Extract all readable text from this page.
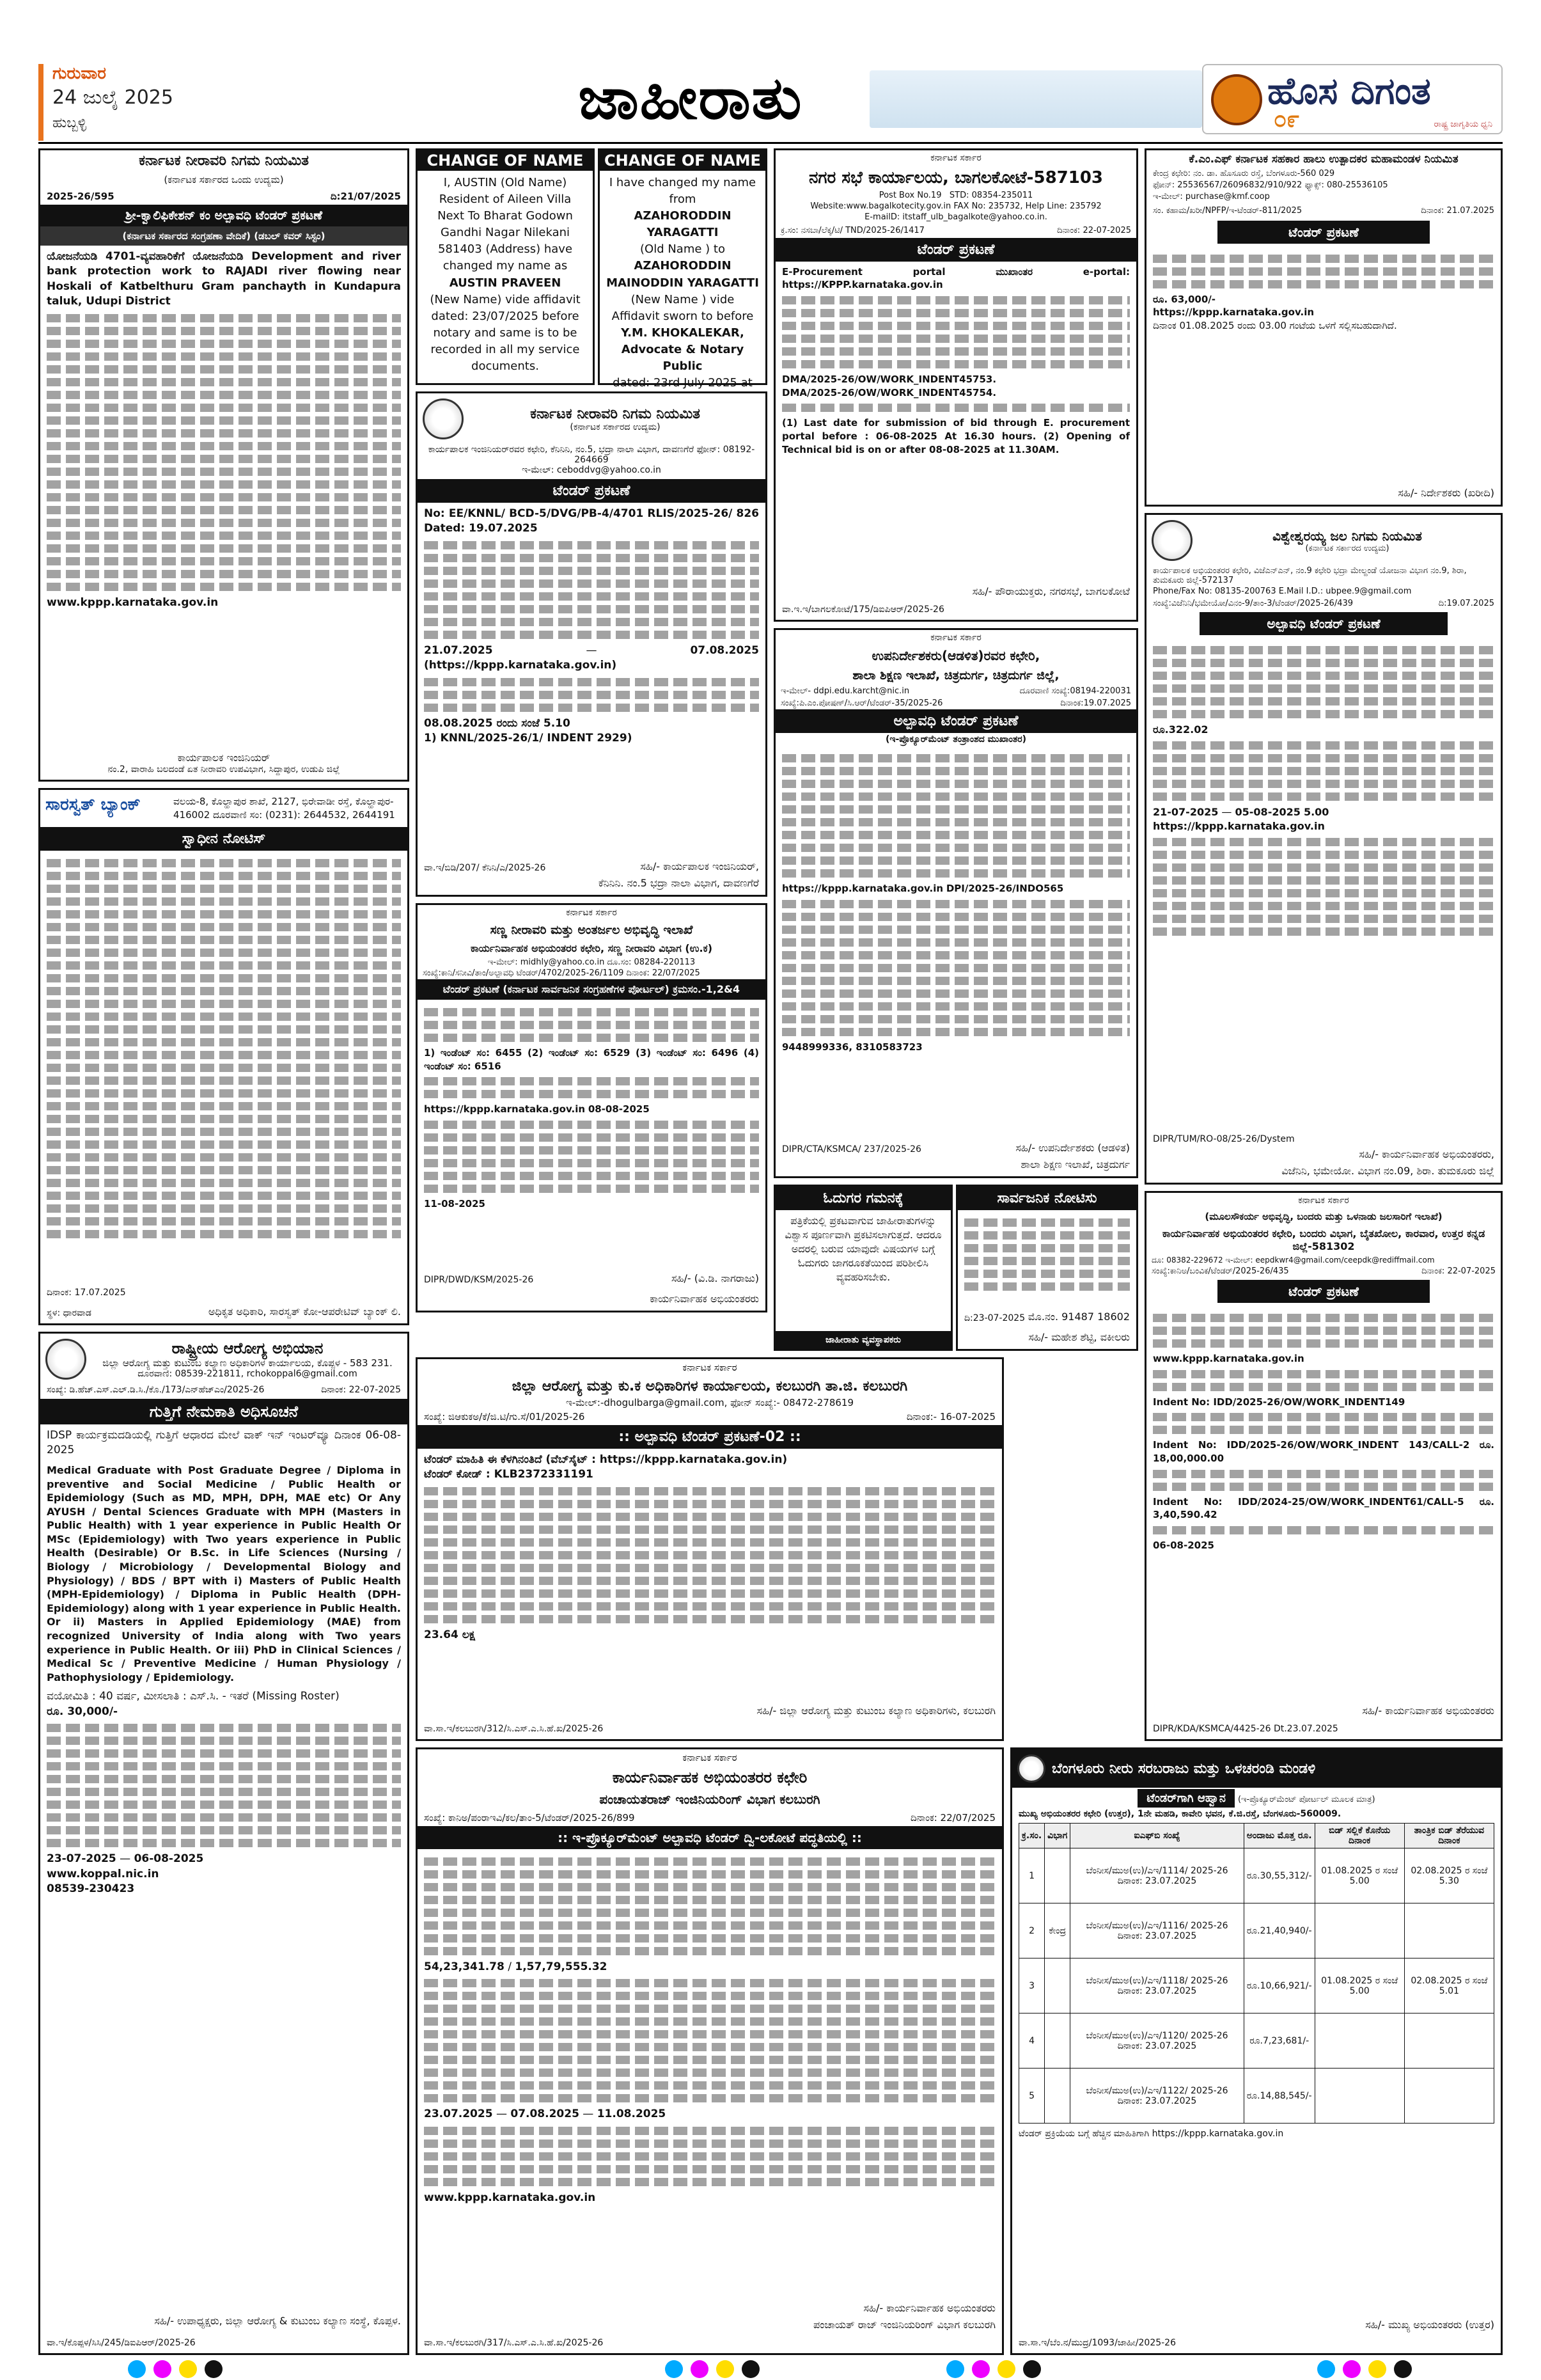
ಗುರುವಾರ
24 ಜುಲೈ 2025
ಹುಬ್ಬಳ್ಳಿ	ಜಾಹೀರಾತು	ಹೊಸ ದಿಗಂತ
೦೯	ರಾಷ್ಟ್ರ ಜಾಗೃತಿಯ ಧ್ವನಿ
ಕರ್ನಾಟಕ ನೀರಾವರಿ ನಿಗಮ ನಿಯಮಿತ
(ಕರ್ನಾಟಕ ಸರ್ಕಾರದ ಒಂದು ಉದ್ಯಮ)
2025-26/595	ದಿ:21/07/2025
ಶ್ರೀ-ಕ್ವಾಲಿಫಿಕೇಶನ್ ಕಂ ಅಲ್ಪಾವಧಿ ಟೆಂಡರ್ ಪ್ರಕಟಣೆ
(ಕರ್ನಾಟಕ ಸರ್ಕಾರದ ಸಂಗ್ರಹಣಾ ವೇದಿಕೆ) (ಡಬಲ್ ಕವರ್ ಸಿಸ್ಟಂ)
ಯೋಜನೆಯಡಿ 4701-ವ್ಯವಹಾರಿಕೆಗೆ ಯೋಜನೆಯಡಿ Development and river bank protection work to RAJADI river flowing near Hoskali of Katbelthuru Gram panchayth in Kundapura taluk, Udupi District
www.kppp.karnataka.gov.in
ಕಾರ್ಯಪಾಲಕ ಇಂಜಿನಿಯರ್
ನಂ.2, ವಾರಾಹಿ ಬಲದಂಡೆ ಏತ ನೀರಾವರಿ ಉಪವಿಭಾಗ, ಸಿದ್ದಾಪುರ, ಉಡುಪಿ ಜಿಲ್ಲೆ
ಸಾರಸ್ವತ್ ಬ್ಯಾಂಕ್	ವಲಯ-8, ಕೊಲ್ಹಾಪುರ ಶಾಖೆ, 2127, ಭಿರೇವಾಡೀ ರಸ್ತೆ, ಕೊಲ್ಹಾಪುರ- 416002 ದೂರವಾಣಿ ಸಂ: (0231): 2644532, 2644191
ಸ್ವಾಧೀನ ನೋಟಿಸ್
ದಿನಾಂಕ: 17.07.2025
ಸ್ಥಳ: ಧಾರವಾಡ	ಅಧಿಕೃತ ಅಧಿಕಾರಿ, ಸಾರಸ್ವತ್ ಕೋ-ಆಪರೇಟಿವ್ ಬ್ಯಾಂಕ್ ಲಿ.
ರಾಷ್ಟ್ರೀಯ ಆರೋಗ್ಯ ಅಭಿಯಾನ
ಜಿಲ್ಲಾ ಆರೋಗ್ಯ ಮತ್ತು ಕುಟುಂಬ ಕಲ್ಯಾಣ ಅಧಿಕಾರಿಗಳ ಕಾರ್ಯಾಲಯ, ಕೊಪ್ಪಳ - 583 231.
ದೂರವಾಣಿ: 08539-221811, rchokoppal6@gmail.com
ಸಂಖ್ಯೆ: ಡಿ.ಹೆಚ್.ಎಸ್.ಎಲ್.ಡಿ.ಸಿ./ಕೊ./173/ಎನ್‌ಹೆಚ್‌ಎಂ/2025-26	ದಿನಾಂಕ: 22-07-2025
ಗುತ್ತಿಗೆ ನೇಮಕಾತಿ ಅಧಿಸೂಚನೆ
IDSP ಕಾರ್ಯಕ್ರಮದಡಿಯಲ್ಲಿ ಗುತ್ತಿಗೆ ಆಧಾರದ ಮೇಲೆ ವಾಕ್ ಇನ್ ಇಂಟರ್‌ವ್ಯೂ ದಿನಾಂಕ 06-08-2025
Medical Graduate with Post Graduate Degree / Diploma in preventive and Social Medicine / Public Health or Epidemiology (Such as MD, MPH, DPH, MAE etc) Or Any AYUSH / Dental Sciences Graduate with MPH (Masters in Public Health) with 1 year experience in Public Health Or MSc (Epidemiology) with Two years experience in Public Health (Desirable) Or B.Sc. in Life Sciences (Nursing / Biology / Microbiology / Developmental Biology and Physiology) / BDS / BPT with i) Masters of Public Health (MPH-Epidemiology) / Diploma in Public Health (DPH-Epidemiology) along with 1 year experience in Public Health. Or ii) Masters in Applied Epidemiology (MAE) from recognized University of India along with Two years experience in Public Health. Or iii) PhD in Clinical Sciences / Medical Sc / Preventive Medicine / Human Physiology / Pathophysiology / Epidemiology.
ವಯೋಮಿತಿ : 40 ವರ್ಷ, ಮೀಸಲಾತಿ : ಎಸ್.ಸಿ. - ಇತರೆ (Missing Roster)
ರೂ. 30,000/-
23-07-2025 — 06-08-2025
www.koppal.nic.in
08539-230423
ಸಹಿ/- ಉಪಾಧ್ಯಕ್ಷರು, ಜಿಲ್ಲಾ ಆರೋಗ್ಯ & ಕುಟುಂಬ ಕಲ್ಯಾಣ ಸಂಸ್ಥೆ, ಕೊಪ್ಪಳ.
ವಾ.ಇ/ಕೊಪ್ಪಳ/ಸಿಸಿ/245/ಡಿಐಪಿಆರ್/2025-26
CHANGE OF NAME
I, AUSTIN (Old Name) Resident of Aileen Villa Next To Bharat Godown Gandhi Nagar Nilekani 581403 (Address) have changed my name as
AUSTIN PRAVEEN
(New Name) vide affidavit dated: 23/07/2025 before notary and same is to be recorded in all my service documents.
CHANGE OF NAME
I have changed my name from
AZAHORODDIN YARAGATTI
(Old Name ) to
AZAHORODDIN MAINODDIN YARAGATTI
(New Name ) vide Affidavit sworn to before
Y.M. KHOKALEKAR, Advocate & Notary Public
dated: 23rd July 2025 at
ಕರ್ನಾಟಕ ನೀರಾವರಿ ನಿಗಮ ನಿಯಮಿತ
(ಕರ್ನಾಟಕ ಸರ್ಕಾರದ ಉದ್ಯಮ)
ಕಾರ್ಯಪಾಲಕ ಇಂಜಿನಿಯರ್‌ರವರ ಕಛೇರಿ, ಕೆನಿನಿನಿ, ನಂ.5, ಭದ್ರಾ ನಾಲಾ ವಿಭಾಗ, ದಾವಣಗೆರೆ ಫೋನ್: 08192-264669
ಇ-ಮೇಲ್: ceboddvg@yahoo.co.in
ಟೆಂಡರ್ ಪ್ರಕಟಣೆ
No: EE/KNNL/ BCD-5/DVG/PB-4/4701 RLIS/2025-26/ 826 Dated: 19.07.2025
21.07.2025 — 07.08.2025 (https://kppp.karnataka.gov.in)
08.08.2025 ರಂದು ಸಂಜೆ 5.10
1) KNNL/2025-26/1/ INDENT 2929)
ಸಹಿ/- ಕಾರ್ಯಪಾಲಕ ಇಂಜಿನಿಯರ್,
ಕೆನಿನಿನಿ. ನಂ.5 ಭದ್ರಾ ನಾಲಾ ವಿಭಾಗ, ದಾವಣಗೆರೆ
ವಾ.ಇ/ಬಿಡಿ/207/ ಕೆನಿನಿ/ಎ/2025-26
ಕರ್ನಾಟಕ ಸರ್ಕಾರ
ಸಣ್ಣ ನೀರಾವರಿ ಮತ್ತು ಅಂತರ್ಜಲ ಅಭಿವೃದ್ಧಿ ಇಲಾಖೆ
ಕಾರ್ಯನಿರ್ವಾಹಕ ಅಭಿಯಂತರರ ಕಛೇರಿ, ಸಣ್ಣ ನೀರಾವರಿ ವಿಭಾಗ (ಉ.ಕ)
ಇ-ಮೇಲ್: midhly@yahoo.co.in ದೂ.ಸಂ: 08284-220113
ಸಂಖ್ಯೆ:ಕಾನಿ/ಸನೀವಿ/ತಾಂ/ಅಲ್ಪಾವಧಿ ಟೆಂಡರ್/4702/2025-26/1109 ದಿನಾಂಕ: 22/07/2025
ಟೆಂಡರ್ ಪ್ರಕಟಣೆ (ಕರ್ನಾಟಕ ಸಾರ್ವಜನಿಕ ಸಂಗ್ರಹಣೆಗಳ ಪೋರ್ಟಲ್) ಕ್ರಮಸಂ.-1,2&4
1) ಇಂಡೆಂಟ್ ಸಂ: 6455 (2) ಇಂಡೆಂಟ್ ಸಂ: 6529 (3) ಇಂಡೆಂಟ್ ಸಂ: 6496 (4) ಇಂಡೆಂಟ್ ಸಂ: 6516
https://kppp.karnataka.gov.in 08-08-2025
11-08-2025
ಸಹಿ/- (ವಿ.ಡಿ. ನಾಗರಾಜು)
ಕಾರ್ಯನಿರ್ವಾಹಕ ಅಭಿಯಂತರರು
DIPR/DWD/KSM/2025-26
ಕರ್ನಾಟಕ ಸರ್ಕಾರ
ಜಿಲ್ಲಾ ಆರೋಗ್ಯ ಮತ್ತು ಕು.ಕ ಅಧಿಕಾರಿಗಳ ಕಾರ್ಯಾಲಯ, ಕಲಬುರಗಿ ತಾ.ಜಿ. ಕಲಬುರಗಿ
ಇ-ಮೇಲ್:-dhogulbarga@gmail.com, ಫೋನ್ ಸಂಖ್ಯೆ:- 08472-278619
ಸಂಖ್ಯೆ: ಜಿಆಕುಕಅ/ಕೆ/ಜಿ.ಟಿ/ಗು.ಸೆ/01/2025-26	ದಿನಾಂಕ:- 16-07-2025
:: ಅಲ್ಪಾವಧಿ ಟೆಂಡರ್ ಪ್ರಕಟಣೆ-02 ::
ಟೆಂಡರ್ ಮಾಹಿತಿ ಈ ಕೆಳಗಿನಂತಿದೆ (ವೆಬ್‌ಸೈಟ್ : https://kppp.karnataka.gov.in)
ಟೆಂಡರ್ ಕೋಡ್ : KLB2372331191
23.64 ಲಕ್ಷ
ಸಹಿ/- ಜಿಲ್ಲಾ ಆರೋಗ್ಯ ಮತ್ತು ಕುಟುಂಬ ಕಲ್ಯಾಣ ಅಧಿಕಾರಿಗಳು, ಕಲಬುರಗಿ
ವಾ.ಸಾ.ಇ/ಕಲಬುರಗಿ/312/ಸಿ.ಎಸ್.ಎ.ಸಿ.ಹೆ.ಖ/2025-26
ಕರ್ನಾಟಕ ಸರ್ಕಾರ
ಕಾರ್ಯನಿರ್ವಾಹಕ ಅಭಿಯಂತರರ ಕಛೇರಿ
ಪಂಚಾಯತರಾಜ್ ಇಂಜಿನಿಯರಿಂಗ್ ವಿಭಾಗ ಕಲಬುರಗಿ
ಸಂಖ್ಯೆ: ಕಾನಿಅ/ಪಂರಾಇವಿ/ಕಲ/ತಾಂ-5/ಟೆಂಡರ್/2025-26/899	ದಿನಾಂಕ: 22/07/2025
:: ಇ-ಪ್ರೊಕ್ಯೂರ್‌ಮೆಂಟ್ ಅಲ್ಪಾವಧಿ ಟೆಂಡರ್ ದ್ವಿ-ಲಕೋಟೆ ಪದ್ಧತಿಯಲ್ಲಿ ::
54,23,341.78 / 1,57,79,555.32
23.07.2025 — 07.08.2025 — 11.08.2025
www.kppp.karnataka.gov.in
ಸಹಿ/- ಕಾರ್ಯನಿರ್ವಾಹಕ ಅಭಿಯಂತರರು
ಪಂಚಾಯತ್ ರಾಜ್ ಇಂಜಿನಿಯರಿಂಗ್ ವಿಭಾಗ ಕಲಬುರಗಿ
ವಾ.ಸಾ.ಇ/ಕಲಬುರಗಿ/317/ಸಿ.ಎಸ್.ಎ.ಸಿ.ಹೆ.ಖ/2025-26
ಕರ್ನಾಟಕ ಸರ್ಕಾರ
ನಗರ ಸಭೆ ಕಾರ್ಯಾಲಯ, ಬಾಗಲಕೋಟೆ-587103
Post Box No.19 STD: 08354-235011
Website:www.bagalkotecity.gov.in FAX No: 235732, Help Line: 235792
E-mailD: itstaff_ulb_bagalkote@yahoo.co.in.
ಕ್ರ.ಸಂ: ನಸಬಾ/ಲೆಕ್ಕ/ಟಿ/ TND/2025-26/1417	ದಿನಾಂಕ: 22-07-2025
ಟೆಂಡರ್ ಪ್ರಕಟಣೆ
E-Procurement portal ಮುಖಾಂತರ e-portal: https://KPPP.karnataka.gov.in
DMA/2025-26/OW/WORK_INDENT45753.
DMA/2025-26/OW/WORK_INDENT45754.
(1) Last date for submission of bid through E. procurement portal before : 06-08-2025 At 16.30 hours. (2) Opening of Technical bid is on or after 08-08-2025 at 11.30AM.
ಸಹಿ/- ಪೌರಾಯುಕ್ತರು, ನಗರಸಭೆ, ಬಾಗಲಕೋಟೆ
ವಾ.ಇ.ಇ/ಬಾಗಲಕೋಟೆ/175/ಡಿಐಪಿಆರ್/2025-26
ಕರ್ನಾಟಕ ಸರ್ಕಾರ
ಉಪನಿರ್ದೇಶಕರು(ಆಡಳಿತ)ರವರ ಕಛೇರಿ,
ಶಾಲಾ ಶಿಕ್ಷಣ ಇಲಾಖೆ, ಚಿತ್ರದುರ್ಗ, ಚಿತ್ರದುರ್ಗ ಜಿಲ್ಲೆ,
ಇ-ಮೇಲ್- ddpi.edu.karcht@nic.in	ದೂರವಾಣಿ ಸಂಖ್ಯೆ:08194-220031
ಸಂಖ್ಯೆ:ಪಿ.ಎಂ.ಪೋಷಣ್/ಸಿ.ಆರ್/ಟೆಂಡರ್-35/2025-26	ದಿನಾಂಕ:19.07.2025
ಅಲ್ಪಾವಧಿ ಟೆಂಡರ್ ಪ್ರಕಟಣೆ
(ಇ-ಪ್ರೊಕ್ಯೂರ್‌ಮೆಂಟ್ ತಂತ್ರಾಂಶದ ಮುಖಾಂತರ)
https://kppp.karnataka.gov.in DPI/2025-26/INDO565
9448999336, 8310583723
ಸಹಿ/- ಉಪನಿರ್ದೇಶಕರು (ಆಡಳಿತ)
ಶಾಲಾ ಶಿಕ್ಷಣ ಇಲಾಖೆ, ಚಿತ್ರದುರ್ಗ
DIPR/CTA/KSMCA/ 237/2025-26
ಓದುಗರ ಗಮನಕ್ಕೆ
ಪತ್ರಿಕೆಯಲ್ಲಿ ಪ್ರಕಟವಾಗುವ ಜಾಹೀರಾತುಗಳನ್ನು ವಿಶ್ವಾಸ ಪೂರ್ಣವಾಗಿ ಪ್ರಕಟಿಸಲಾಗುತ್ತದೆ. ಆದರೂ ಅದರಲ್ಲಿ ಬರುವ ಯಾವುದೇ ವಿಷಯಗಳ ಬಗ್ಗೆ ಓದುಗರು ಜಾಗರೂಕತೆಯಿಂದ ಪರಿಶೀಲಿಸಿ ವ್ಯವಹರಿಸಬೇಕು.
ಜಾಹೀರಾತು ವ್ಯವಸ್ಥಾಪಕರು
ಸಾರ್ವಜನಿಕ ನೋಟಿಸು
ದಿ:23-07-2025 ಮೊ.ನಂ. 91487 18602
ಸಹಿ/- ಮಹೇಶ ಶೆಟ್ಟಿ, ವಕೀಲರು
ಕೆ.ಎಂ.ಎಫ್ ಕರ್ನಾಟಕ ಸಹಕಾರ ಹಾಲು ಉತ್ಪಾದಕರ ಮಹಾಮಂಡಳ ನಿಯಮಿತ
ಕೇಂದ್ರ ಕಛೇರಿ: ನಂ. ಡಾ. ಹೊಸೂರು ರಸ್ತೆ, ಬೆಂಗಳೂರು-560 029
ಫೋನ್: 25536567/26096832/910/922 ಫ್ಯಾಕ್ಸ್: 080-25536105
ಇ-ಮೇಲ್: purchase@kmf.coop
ಸಂ. ಕಹಾಮ/ಖರೀ/NPFP/ಇ-ಟೆಂಡರ್-811/2025	ದಿನಾಂಕ: 21.07.2025
ಟೆಂಡರ್ ಪ್ರಕಟಣೆ
ರೂ. 63,000/-
https://kppp.karnataka.gov.in
ದಿನಾಂಕ 01.08.2025 ರಂದು 03.00 ಗಂಟೆಯ ಒಳಗೆ ಸಲ್ಲಿಸಬಹುದಾಗಿದೆ.
ಸಹಿ/- ನಿರ್ದೇಶಕರು (ಖರೀದಿ)
ವಿಶ್ವೇಶ್ವರಯ್ಯ ಜಲ ನಿಗಮ ನಿಯಮಿತ
(ಕರ್ನಾಟಕ ಸರ್ಕಾರದ ಉದ್ಯಮ)
ಕಾರ್ಯಪಾಲಕ ಅಭಿಯಂತರರ ಕಛೇರಿ, ವಿಜೆಎನ್‌ಎನ್, ನಂ.9 ಕಛೇರಿ ಭದ್ರಾ ಮೇಲ್ದಂಡೆ ಯೋಜನಾ ವಿಭಾಗ ನಂ.9, ಶಿರಾ, ತುಮಕೂರು ಜಿಲ್ಲೆ-572137
Phone/Fax No: 08135-200763 E.Mail I.D.: ubpee.9@gmail.com
ಸಂಖ್ಯೆ:ವಿಜೆನಿನಿ/ಭಮೇಯೋ/ವಿನಂ-9/ತಾಂ-3/ಟೆಂಡರ್/2025-26/439	ದಿ:19.07.2025
ಅಲ್ಪಾವಧಿ ಟೆಂಡರ್ ಪ್ರಕಟಣೆ
ರೂ.322.02
21-07-2025 — 05-08-2025 5.00
https://kppp.karnataka.gov.in
ಸಹಿ/- ಕಾರ್ಯನಿರ್ವಾಹಕ ಅಭಿಯಂತರರು,
ವಿಜೆನಿನಿ, ಭಮೇಯೋ. ವಿಭಾಗ ನಂ.09, ಶಿರಾ. ತುಮಕೂರು ಜಿಲ್ಲೆ
DIPR/TUM/RO-08/25-26/Dystem
ಕರ್ನಾಟಕ ಸರ್ಕಾರ
(ಮೂಲಸೌಕರ್ಯ ಅಭಿವೃದ್ಧಿ, ಬಂದರು ಮತ್ತು ಒಳನಾಡು ಜಲಸಾರಿಗೆ ಇಲಾಖೆ)
ಕಾರ್ಯನಿರ್ವಾಹಕ ಅಭಿಯಂತರರ ಕಛೇರಿ, ಬಂದರು ವಿಭಾಗ, ಬೈತಖೋಲ, ಕಾರವಾರ, ಉತ್ತರ ಕನ್ನಡ ಜಿಲ್ಲೆ-581302
ದೂ: 08382-229672 ಇ-ಮೇಲ್: eepdkwr4@gmail.com/ceepdk@rediffmail.com
ಸಂಖ್ಯೆ:ಕಾನಿಅ/ಬಂವಿಕ/ಟೆಂಡರ್/2025-26/435	ದಿನಾಂಕ: 22-07-2025
ಟೆಂಡರ್ ಪ್ರಕಟಣೆ
www.kppp.karnataka.gov.in
Indent No: IDD/2025-26/OW/WORK_INDENT149
Indent No: IDD/2025-26/OW/WORK_INDENT 143/CALL-2 ರೂ. 18,00,000.00
Indent No: IDD/2024-25/OW/WORK_INDENT61/CALL-5 ರೂ. 3,40,590.42
06-08-2025
ಸಹಿ/- ಕಾರ್ಯನಿರ್ವಾಹಕ ಅಭಿಯಂತರರು
DIPR/KDA/KSMCA/4425-26 Dt.23.07.2025
ಬೆಂಗಳೂರು ನೀರು ಸರಬರಾಜು ಮತ್ತು ಒಳಚರಂಡಿ ಮಂಡಳಿ
ಟೆಂಡರ್‌ಗಾಗಿ ಆಹ್ವಾನ (ಇ-ಪ್ರೊಕ್ಯೂರ್‌ಮೆಂಟ್ ಪೋರ್ಟಲ್ ಮೂಲಕ ಮಾತ್ರ)
ಮುಖ್ಯ ಅಭಿಯಂತರರ ಕಛೇರಿ (ಉತ್ತರ), 1ನೇ ಮಹಡಿ, ಕಾವೇರಿ ಭವನ, ಕೆ.ಜಿ.ರಸ್ತೆ, ಬೆಂಗಳೂರು-560009.
ಕ್ರ.ಸಂ.	ವಿಭಾಗ	ಐಎಫ್‌ಬಿ ಸಂಖ್ಯೆ	ಅಂದಾಜು ಮೊತ್ತ ರೂ.	ಬಿಡ್ ಸಲ್ಲಿಕೆ ಕೊನೆಯ ದಿನಾಂಕ	ತಾಂತ್ರಿಕ ಬಿಡ್ ತೆರೆಯುವ ದಿನಾಂಕ
1		ಬೆಂನೀಸ/ಮುಅ(ಉ)/ಎಇ/1114/ 2025-26 ದಿನಾಂಕ: 23.07.2025	ರೂ.30,55,312/-	01.08.2025 ರ ಸಂಜೆ 5.00	02.08.2025 ರ ಸಂಜೆ 5.30
2	ಕೇಂದ್ರ	ಬೆಂನೀಸ/ಮುಅ(ಉ)/ಎಇ/1116/ 2025-26 ದಿನಾಂಕ: 23.07.2025	ರೂ.21,40,940/-		
3		ಬೆಂನೀಸ/ಮುಅ(ಉ)/ಎಇ/1118/ 2025-26 ದಿನಾಂಕ: 23.07.2025	ರೂ.10,66,921/-	01.08.2025 ರ ಸಂಜೆ 5.00	02.08.2025 ರ ಸಂಜೆ 5.01
4		ಬೆಂನೀಸ/ಮುಅ(ಉ)/ಎಇ/1120/ 2025-26 ದಿನಾಂಕ: 23.07.2025	ರೂ.7,23,681/-		
5		ಬೆಂನೀಸ/ಮುಅ(ಉ)/ಎಇ/1122/ 2025-26 ದಿನಾಂಕ: 23.07.2025	ರೂ.14,88,545/-		
ಟೆಂಡರ್ ಪ್ರಕ್ರಿಯೆಯ ಬಗ್ಗೆ ಹೆಚ್ಚಿನ ಮಾಹಿತಿಗಾಗಿ https://kppp.karnataka.gov.in
ಸಹಿ/- ಮುಖ್ಯ ಅಭಿಯಂತರರು (ಉತ್ತರ)
ವಾ.ಸಾ.ಇ/ಬೆಂ.ನ/ಮುದ್ರ/1093/ಜಾಹೀ/2025-26
